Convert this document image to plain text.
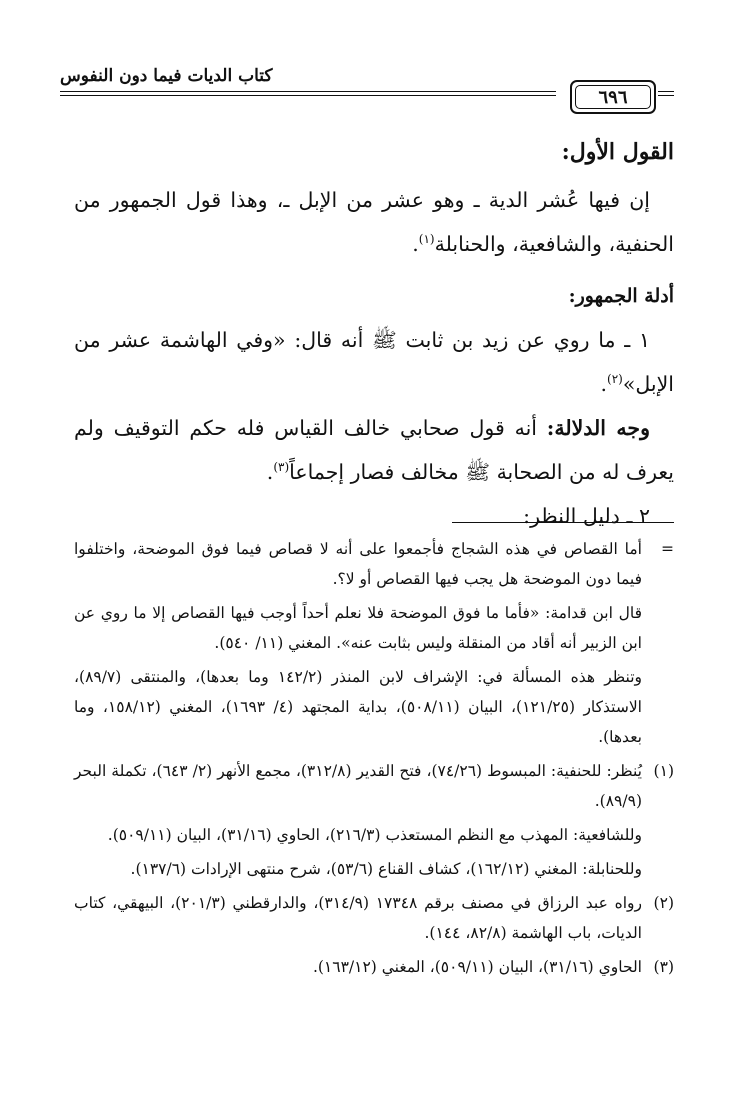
كتاب الديات فيما دون النفوس
٦٩٦

القول الأول:

إن فيها عُشر الدية ـ وهو عشر من الإبل ـ، وهذا قول الجمهور من الحنفية، والشافعية، والحنابلة$^{(١)}$.

أدلة الجمهور:

١ ـ ما روي عن زيد بن ثابت ﷺ أنه قال: «وفي الهاشمة عشر من الإبل»$^{(٢)}$.

وجه الدلالة: أنه قول صحابي خالف القياس فله حكم التوقيف ولم يعرف له من الصحابة ﷺ مخالف فصار إجماعاً$^{(٣)}$.

٢ ـ دليل النظر:

=

أما القصاص في هذه الشجاج فأجمعوا على أنه لا قصاص فيما فوق الموضحة، واختلفوا فيما دون الموضحة هل يجب فيها القصاص أو لا؟.

قال ابن قدامة: «فأما ما فوق الموضحة فلا نعلم أحداً أوجب فيها القصاص إلا ما روي عن ابن الزبير أنه أقاد من المنقلة وليس بثابت عنه». المغني (١١/ ٥٤٠).

وتنظر هذه المسألة في: الإشراف لابن المنذر (١٤٢/٢ وما بعدها)، والمنتقى (٨٩/٧)، الاستذكار (١٢١/٢٥)، البيان (٥٠٨/١١)، بداية المجتهد (٤/ ١٦٩٣)، المغني (١٥٨/١٢، وما بعدها).

(١)

يُنظر: للحنفية: المبسوط (٧٤/٢٦)، فتح القدير (٣١٢/٨)، مجمع الأنهر (٢/ ٦٤٣)، تكملة البحر (٨٩/٩).

وللشافعية: المهذب مع النظم المستعذب (٢١٦/٣)، الحاوي (٣١/١٦)، البيان (٥٠٩/١١).

وللحنابلة: المغني (١٦٢/١٢)، كشاف القناع (٥٣/٦)، شرح منتهى الإرادات (١٣٧/٦).

(٢)

رواه عبد الرزاق في مصنف برقم ١٧٣٤٨ (٣١٤/٩)، والدارقطني (٢٠١/٣)، البيهقي، كتاب الديات، باب الهاشمة (٨٢/٨، ١٤٤).

(٣)

الحاوي (٣١/١٦)، البيان (٥٠٩/١١)، المغني (١٦٣/١٢).
